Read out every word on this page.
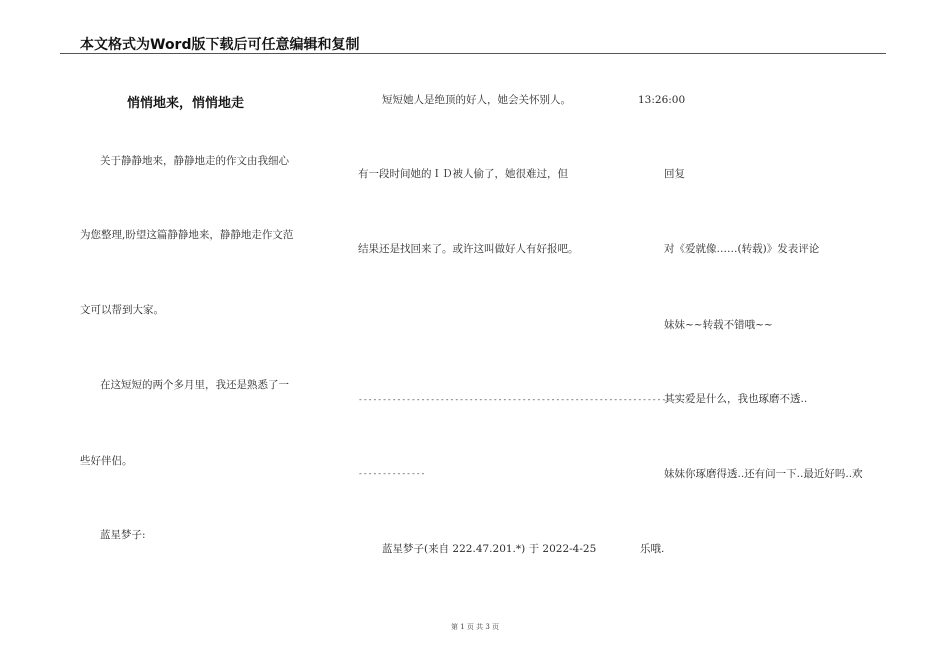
本文格式为Word版下载后可任意编辑和复制
悄悄地来，悄悄地走
关于静静地来，静静地走的作文由我细心
为您整理,盼望这篇静静地来，静静地走作文范
文可以帮到大家。
在这短短的两个多月里，我还是熟悉了一
些好伴侣。
蓝星梦子:
短短她人是绝顶的好人，她会关怀别人。
有一段时间她的ＩＤ被人偷了，她很难过，但
结果还是找回来了。或许这叫做好人有好报吧。
---------------------------------------------------------------------
--------------
蓝星梦子(来自 222.47.201.*) 于 2022-4-25
13:26:00
回复
对《爱就像……(转载)》发表评论
妹妹~~转载不错哦~~
其实爱是什么，我也琢磨不透..
妹妹你琢磨得透..还有问一下..最近好吗..欢
乐哦.
第 1 页 共 3 页
